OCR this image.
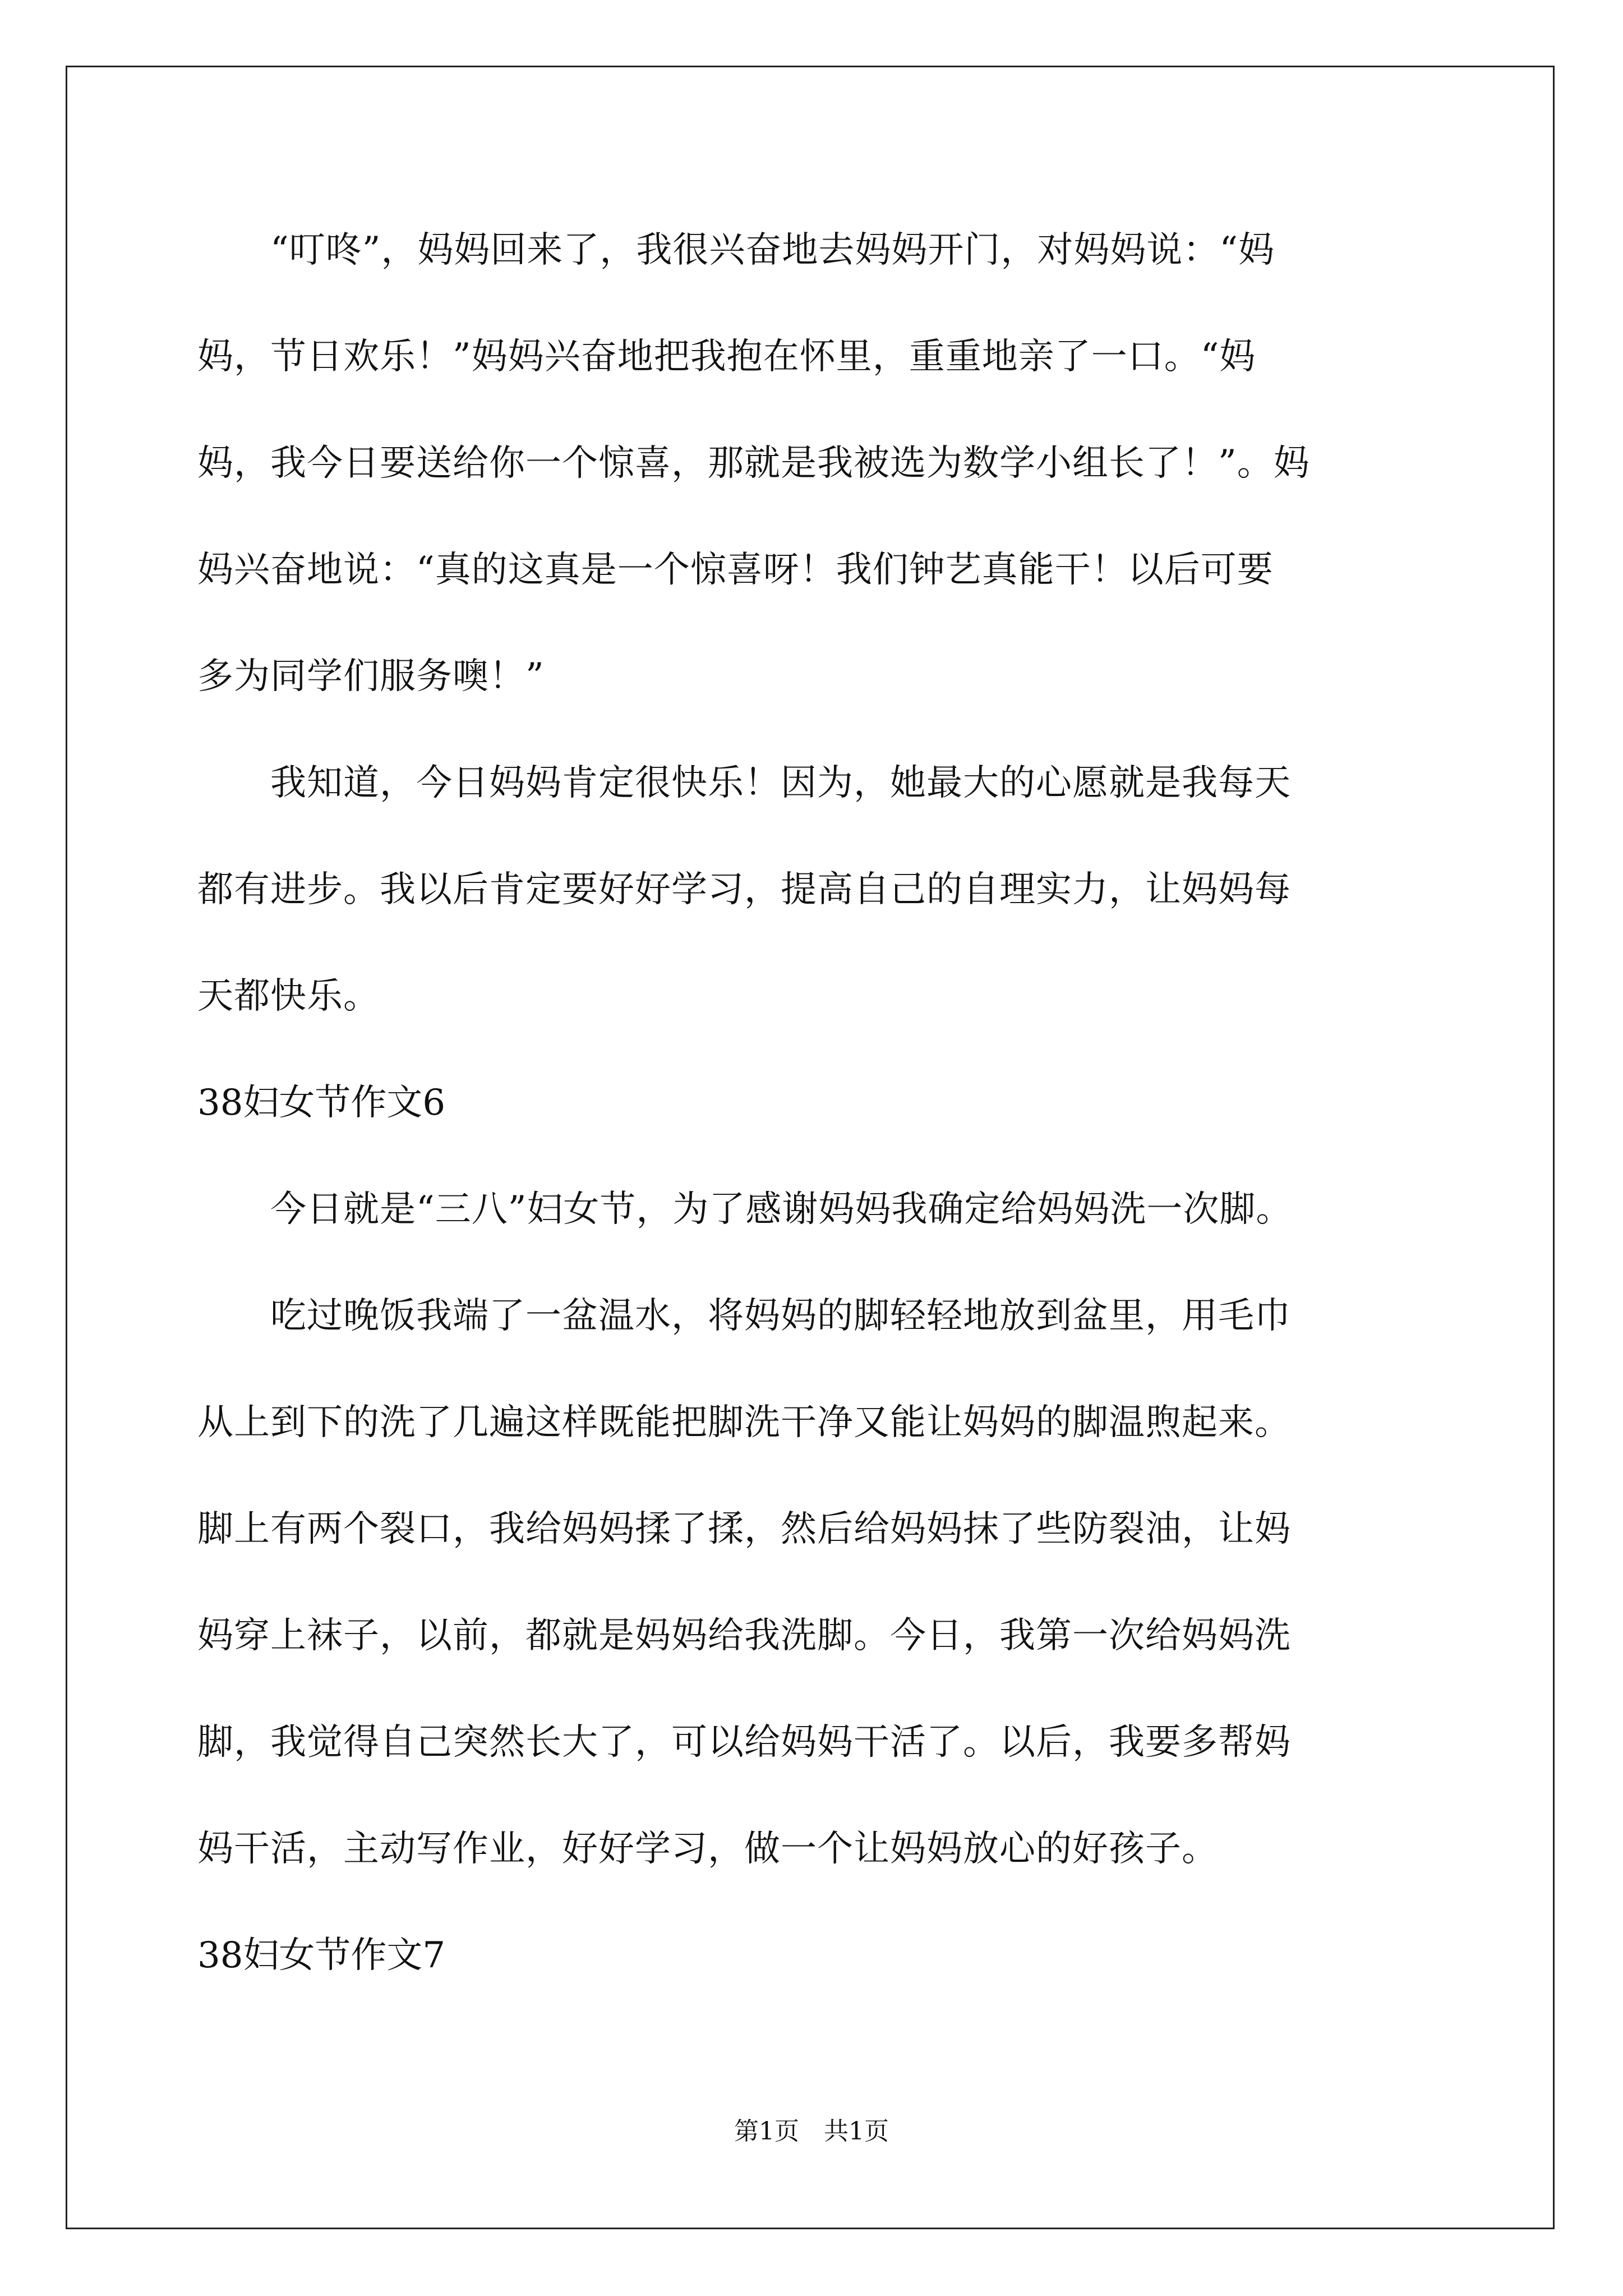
　　“叮咚”，妈妈回来了，我很兴奋地去妈妈开门，对妈妈说：“妈
妈，节日欢乐！”妈妈兴奋地把我抱在怀里，重重地亲了一口。“妈
妈，我今日要送给你一个惊喜，那就是我被选为数学小组长了！”。妈
妈兴奋地说：“真的这真是一个惊喜呀！我们钟艺真能干！以后可要
多为同学们服务噢！”
　　我知道，今日妈妈肯定很快乐！因为，她最大的心愿就是我每天
都有进步。我以后肯定要好好学习，提高自己的自理实力，让妈妈每
天都快乐。
38妇女节作文6
　　今日就是“三八”妇女节，为了感谢妈妈我确定给妈妈洗一次脚。
　　吃过晚饭我端了一盆温水，将妈妈的脚轻轻地放到盆里，用毛巾
从上到下的洗了几遍这样既能把脚洗干净又能让妈妈的脚温煦起来。
脚上有两个裂口，我给妈妈揉了揉，然后给妈妈抹了些防裂油，让妈
妈穿上袜子，以前，都就是妈妈给我洗脚。今日，我第一次给妈妈洗
脚，我觉得自己突然长大了，可以给妈妈干活了。以后，我要多帮妈
妈干活，主动写作业，好好学习，做一个让妈妈放心的好孩子。
38妇女节作文7
第1页　共1页
